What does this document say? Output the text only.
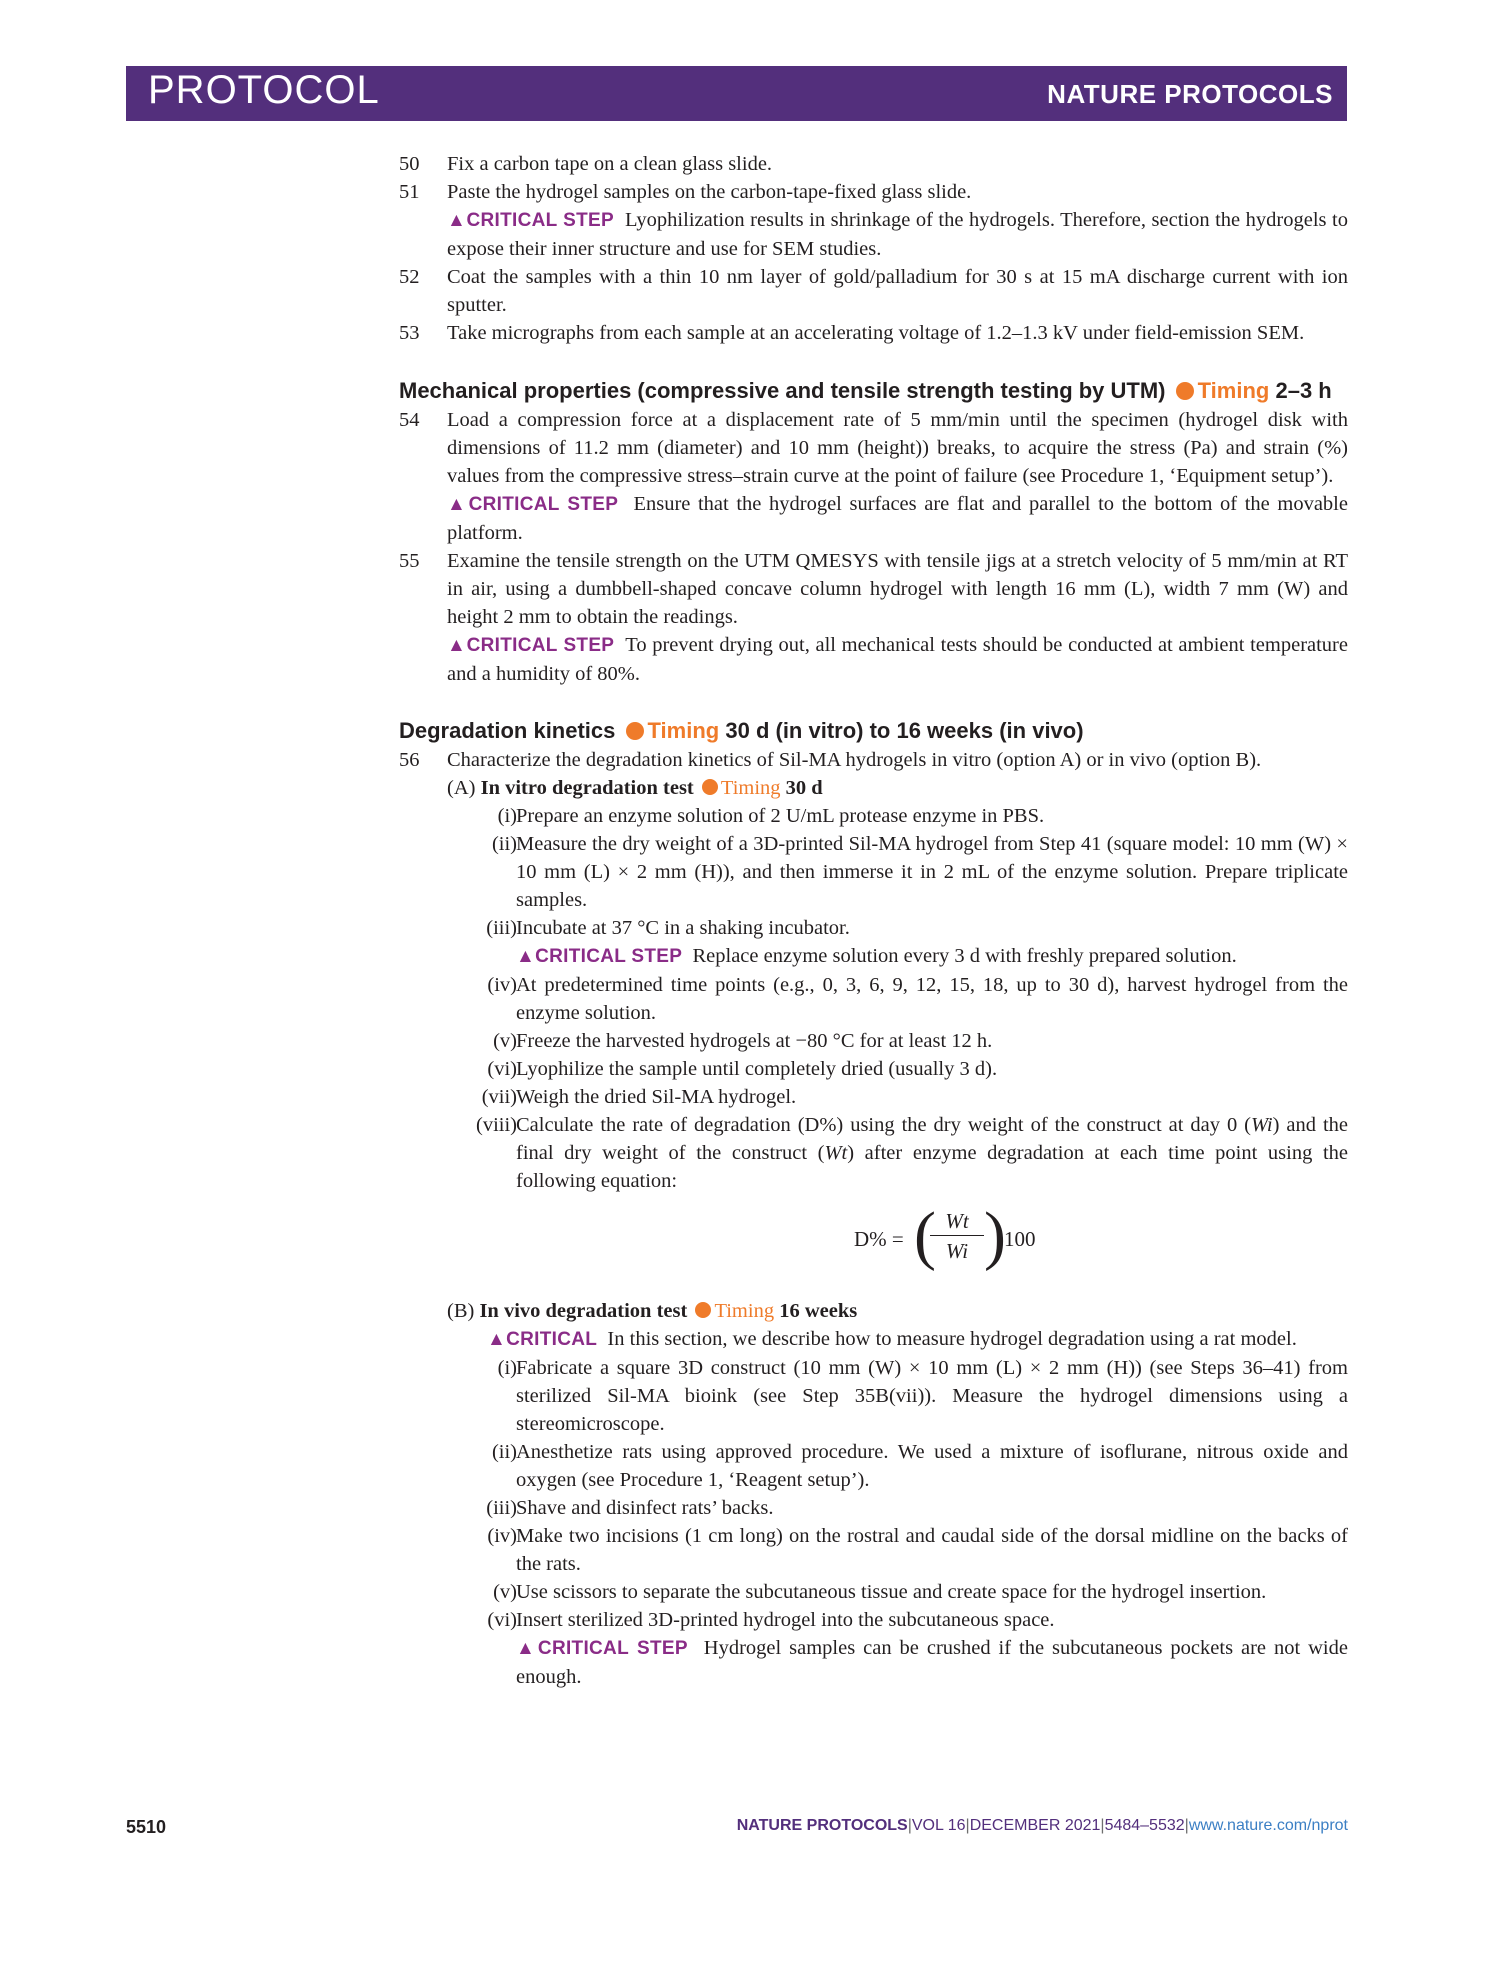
PROTOCOL	NATURE PROTOCOLS
50 Fix a carbon tape on a clean glass slide.
51 Paste the hydrogel samples on the carbon-tape-fixed glass slide.
▲CRITICAL STEP Lyophilization results in shrinkage of the hydrogels. Therefore, section the hydrogels to expose their inner structure and use for SEM studies.
52 Coat the samples with a thin 10 nm layer of gold/palladium for 30 s at 15 mA discharge current with ion sputter.
53 Take micrographs from each sample at an accelerating voltage of 1.2–1.3 kV under field-emission SEM.
Mechanical properties (compressive and tensile strength testing by UTM) Timing 2–3 h
54 Load a compression force at a displacement rate of 5 mm/min until the specimen (hydrogel disk with dimensions of 11.2 mm (diameter) and 10 mm (height)) breaks, to acquire the stress (Pa) and strain (%) values from the compressive stress–strain curve at the point of failure (see Procedure 1, ‘Equipment setup’).
▲CRITICAL STEP Ensure that the hydrogel surfaces are flat and parallel to the bottom of the movable platform.
55 Examine the tensile strength on the UTM QMESYS with tensile jigs at a stretch velocity of 5 mm/min at RT in air, using a dumbbell-shaped concave column hydrogel with length 16 mm (L), width 7 mm (W) and height 2 mm to obtain the readings.
▲CRITICAL STEP To prevent drying out, all mechanical tests should be conducted at ambient temperature and a humidity of 80%.
Degradation kinetics Timing 30 d (in vitro) to 16 weeks (in vivo)
56 Characterize the degradation kinetics of Sil-MA hydrogels in vitro (option A) or in vivo (option B).
(A) In vitro degradation test Timing 30 d
(i) Prepare an enzyme solution of 2 U/mL protease enzyme in PBS.
(ii) Measure the dry weight of a 3D-printed Sil-MA hydrogel from Step 41 (square model: 10 mm (W) × 10 mm (L) × 2 mm (H)), and then immerse it in 2 mL of the enzyme solution. Prepare triplicate samples.
(iii) Incubate at 37 °C in a shaking incubator.
▲CRITICAL STEP Replace enzyme solution every 3 d with freshly prepared solution.
(iv) At predetermined time points (e.g., 0, 3, 6, 9, 12, 15, 18, up to 30 d), harvest hydrogel from the enzyme solution.
(v) Freeze the harvested hydrogels at −80 °C for at least 12 h.
(vi) Lyophilize the sample until completely dried (usually 3 d).
(vii) Weigh the dried Sil-MA hydrogel.
(viii) Calculate the rate of degradation (D%) using the dry weight of the construct at day 0 (Wi) and the final dry weight of the construct (Wt) after enzyme degradation at each time point using the following equation:
D% = (
$\frac{Wt}{Wi}$ )
100
(B) In vivo degradation test Timing 16 weeks
▲CRITICAL In this section, we describe how to measure hydrogel degradation using a rat model.
(i) Fabricate a square 3D construct (10 mm (W) × 10 mm (L) × 2 mm (H)) (see Steps 36–41) from sterilized Sil-MA bioink (see Step 35B(vii)). Measure the hydrogel dimensions using a stereomicroscope.
(ii) Anesthetize rats using approved procedure. We used a mixture of isoflurane, nitrous oxide and oxygen (see Procedure 1, ‘Reagent setup’).
(iii) Shave and disinfect rats’ backs.
(iv) Make two incisions (1 cm long) on the rostral and caudal side of the dorsal midline on the backs of the rats.
(v) Use scissors to separate the subcutaneous tissue and create space for the hydrogel insertion.
(vi) Insert sterilized 3D-printed hydrogel into the subcutaneous space.
▲CRITICAL STEP Hydrogel samples can be crushed if the subcutaneous pockets are not wide enough.
5510	NATURE PROTOCOLS|VOL 16|DECEMBER 2021|5484–5532|www.nature.com/nprot
